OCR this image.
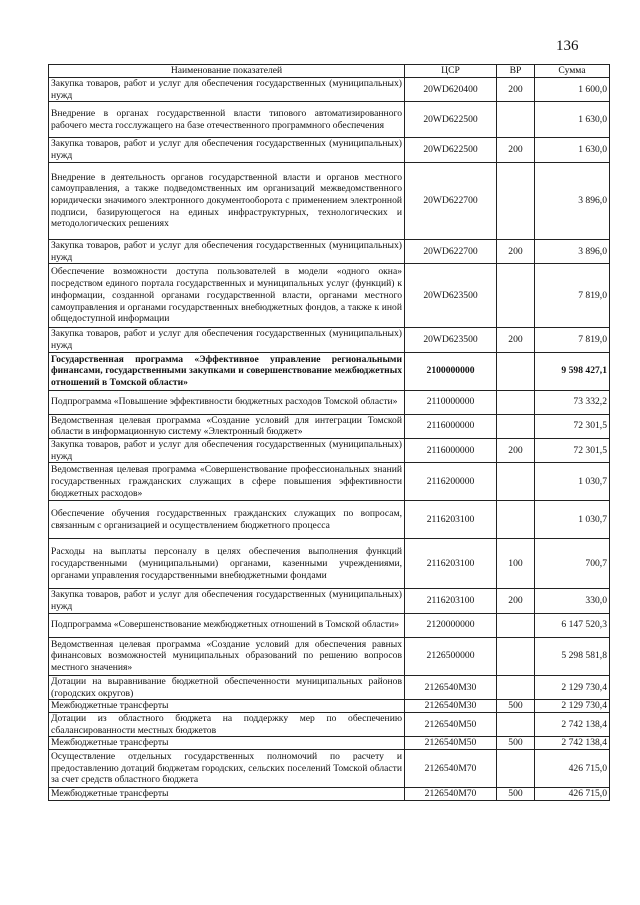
136
Наименование показателей	ЦСР	ВР	Сумма
Закупка товаров, работ и услуг для обеспечения государственных (муниципальных) нужд	20WD620400	200	1 600,0
Внедрение в органах государственной власти типового автоматизированного рабочего места госслужащего на базе отечественного программного обеспечения	20WD622500		1 630,0
Закупка товаров, работ и услуг для обеспечения государственных (муниципальных) нужд	20WD622500	200	1 630,0
Внедрение в деятельность органов государственной власти и органов местного самоуправления, а также подведомственных им организаций межведомственного юридически значимого электронного документооборота с применением электронной подписи, базирующегося на единых инфраструктурных, технологических и методологических решениях	20WD622700		3 896,0
Закупка товаров, работ и услуг для обеспечения государственных (муниципальных) нужд	20WD622700	200	3 896,0
Обеспечение возможности доступа пользователей в модели «одного окна» посредством единого портала государственных и муниципальных услуг (функций) к информации, созданной органами государственной власти, органами местного самоуправления и органами государственных внебюджетных фондов, а также к иной общедоступной информации	20WD623500		7 819,0
Закупка товаров, работ и услуг для обеспечения государственных (муниципальных) нужд	20WD623500	200	7 819,0
Государственная программа «Эффективное управление региональными финансами, государственными закупками и совершенствование межбюджетных отношений в Томской области»	2100000000		9 598 427,1
Подпрограмма «Повышение эффективности бюджетных расходов Томской области»	2110000000		73 332,2
Ведомственная целевая программа «Создание условий для интеграции Томской области в информационную систему «Электронный бюджет»	2116000000		72 301,5
Закупка товаров, работ и услуг для обеспечения государственных (муниципальных) нужд	2116000000	200	72 301,5
Ведомственная целевая программа «Совершенствование профессиональных знаний государственных гражданских служащих в сфере повышения эффективности бюджетных расходов»	2116200000		1 030,7
Обеспечение обучения государственных гражданских служащих по вопросам, связанным с организацией и осуществлением бюджетного процесса	2116203100		1 030,7
Расходы на выплаты персоналу в целях обеспечения выполнения функций государственными (муниципальными) органами, казенными учреждениями, органами управления государственными внебюджетными фондами	2116203100	100	700,7
Закупка товаров, работ и услуг для обеспечения государственных (муниципальных) нужд	2116203100	200	330,0
Подпрограмма «Совершенствование межбюджетных отношений в Томской области»	2120000000		6 147 520,3
Ведомственная целевая программа «Создание условий для обеспечения равных финансовых возможностей муниципальных образований по решению вопросов местного значения»	2126500000		5 298 581,8
Дотации на выравнивание бюджетной обеспеченности муниципальных районов (городских округов)	2126540М30		2 129 730,4
Межбюджетные трансферты	2126540М30	500	2 129 730,4
Дотации из областного бюджета на поддержку мер по обеспечению сбалансированности местных бюджетов	2126540М50		2 742 138,4
Межбюджетные трансферты	2126540М50	500	2 742 138,4
Осуществление отдельных государственных полномочий по расчету и предоставлению дотаций бюджетам городских, сельских поселений Томской области за счет средств областного бюджета	2126540М70		426 715,0
Межбюджетные трансферты	2126540М70	500	426 715,0
